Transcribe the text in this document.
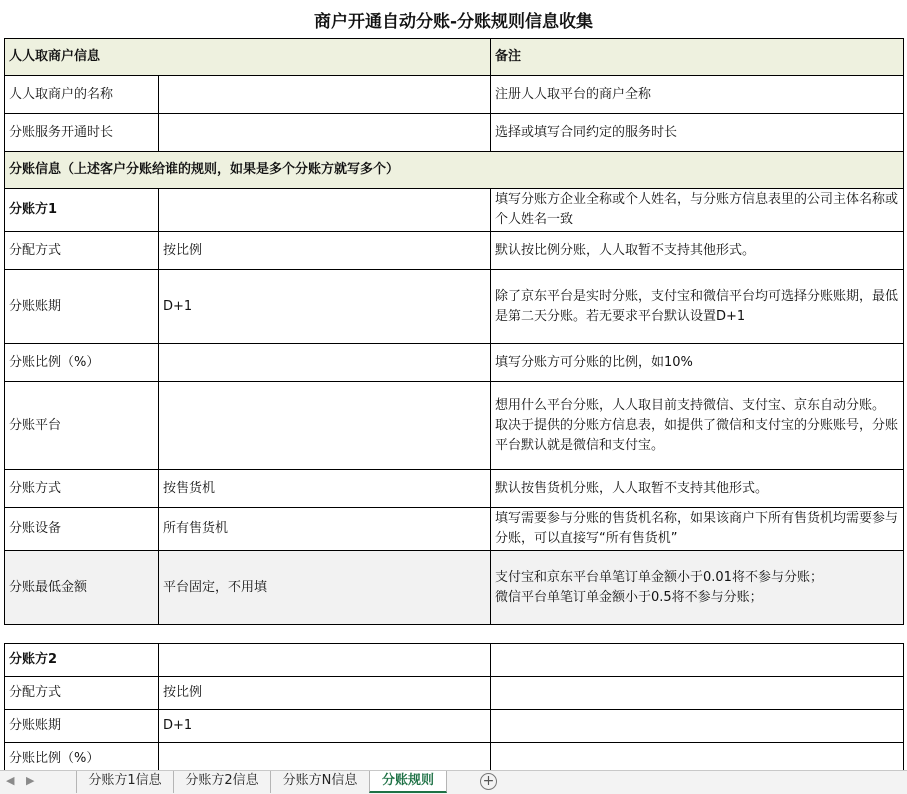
商户开通自动分账-分账规则信息收集
人人取商户信息		备注
人人取商户的名称		注册人人取平台的商户全称
分账服务开通时长		选择或填写合同约定的服务时长
分账信息（上述客户分账给谁的规则，如果是多个分账方就写多个）		
分账方1		填写分账方企业全称或个人姓名，与分账方信息表里的公司主体名称或个人姓名一致
分配方式	按比例	默认按比例分账，人人取暂不支持其他形式。
分账账期	D+1	除了京东平台是实时分账，支付宝和微信平台均可选择分账账期，最低是第二天分账。若无要求平台默认设置D+1
分账比例（%）		填写分账方可分账的比例，如10%
分账平台		想用什么平台分账，人人取目前支持微信、支付宝、京东自动分账。
取决于提供的分账方信息表，如提供了微信和支付宝的分账账号，分账平台默认就是微信和支付宝。

分账方式	按售货机	默认按售货机分账，人人取暂不支持其他形式。
分账设备	所有售货机	填写需要参与分账的售货机名称，如果该商户下所有售货机均需要参与分账，可以直接写“所有售货机”
分账最低金额	平台固定，不用填	支付宝和京东平台单笔订单金额小于0.01将不参与分账；
微信平台单笔订单金额小于0.5将不参与分账；

分账方2		
分配方式	按比例	
分账账期	D+1	
分账比例（%）		
◀ ▶	分账方1信息	分账方2信息	分账方N信息	分账规则	+
